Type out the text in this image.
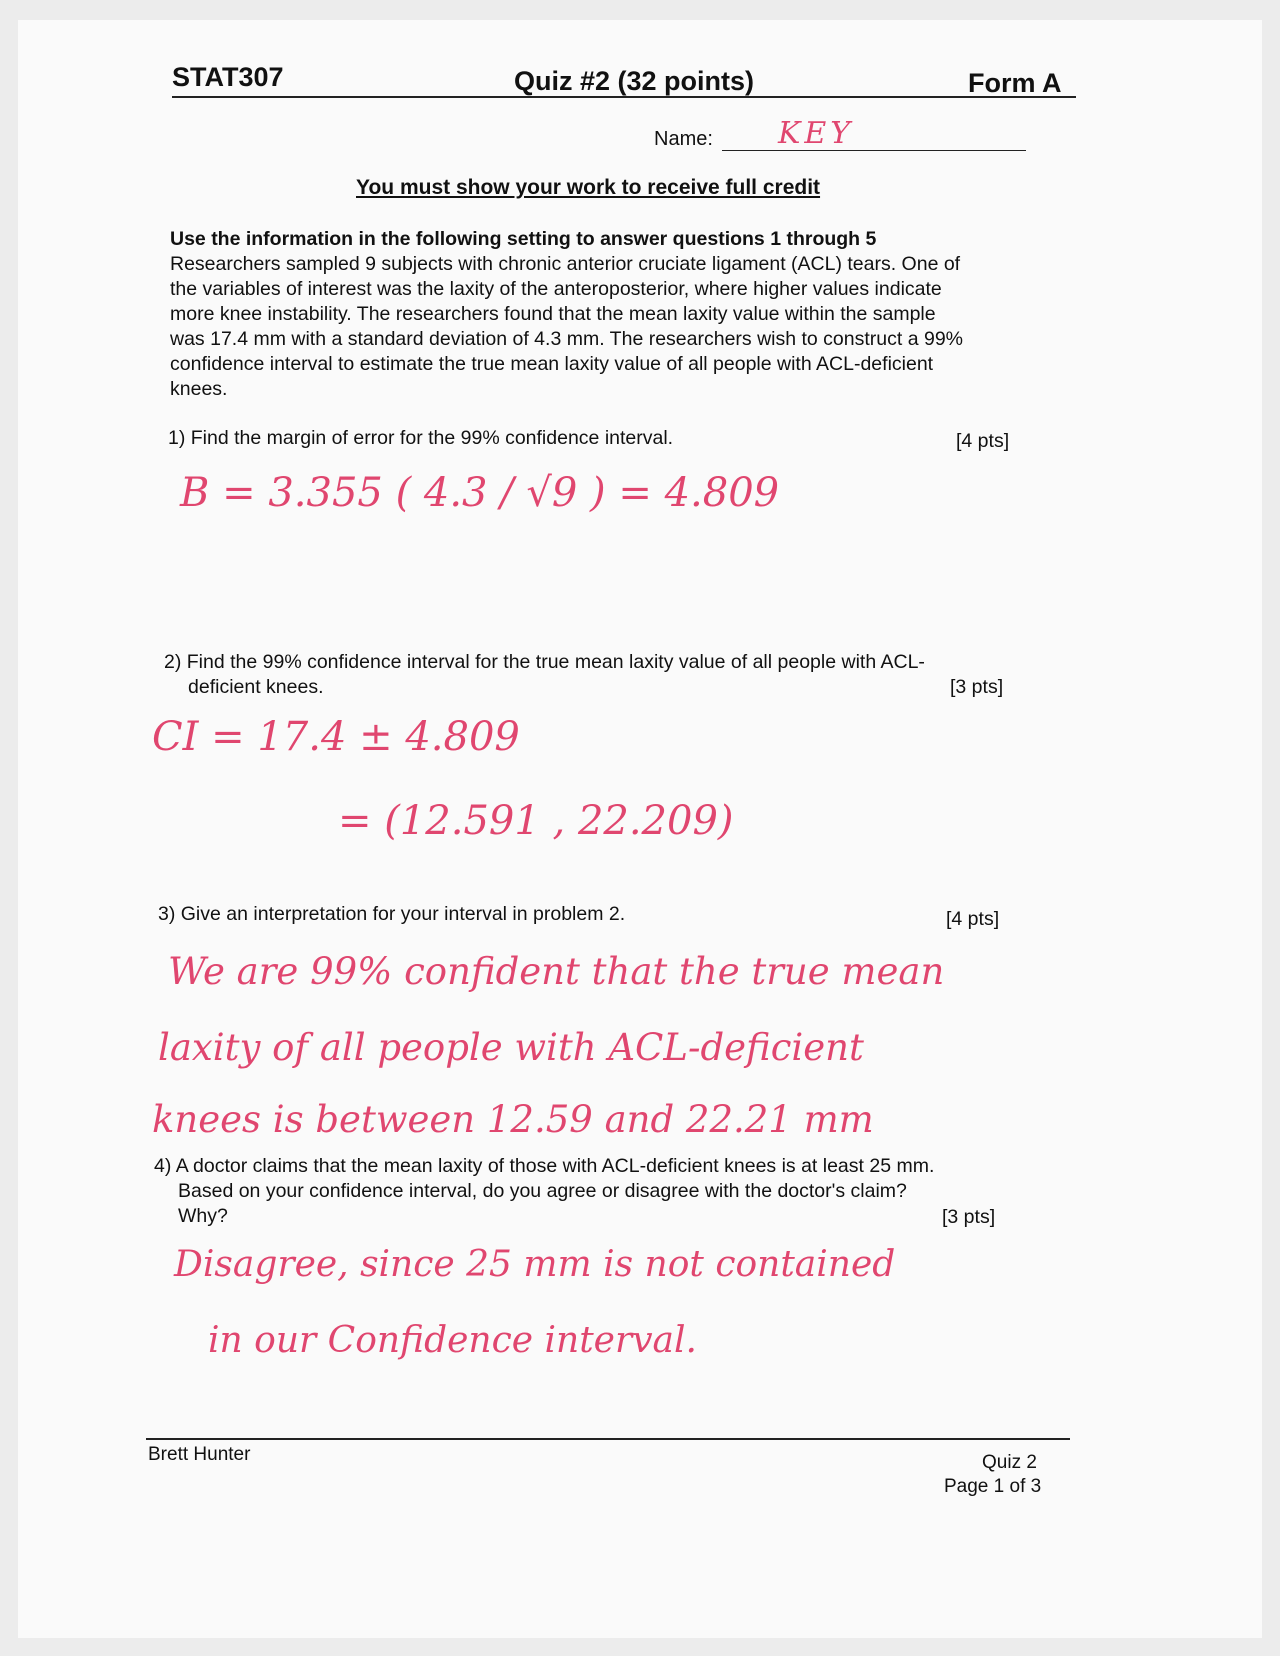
STAT307	Quiz #2 (32 points)	Form A
Name: KEY
You must show your work to receive full credit
Use the information in the following setting to answer questions 1 through 5
Researchers sampled 9 subjects with chronic anterior cruciate ligament (ACL) tears. One of
the variables of interest was the laxity of the anteroposterior, where higher values indicate
more knee instability. The researchers found that the mean laxity value within the sample
was 17.4 mm with a standard deviation of 4.3 mm. The researchers wish to construct a 99%
confidence interval to estimate the true mean laxity value of all people with ACL-deficient
knees.
1) Find the margin of error for the 99% confidence interval.	[4 pts]
B = 3.355 ( 4.3 / √9 ) = 4.809
2) Find the 99% confidence interval for the true mean laxity value of all people with ACL-
deficient knees.	[3 pts]
CI = 17.4 ± 4.809
= (12.591 , 22.209)
3) Give an interpretation for your interval in problem 2.	[4 pts]
We are 99% confident that the true mean
laxity of all people with ACL-deficient
knees is between 12.59 and 22.21 mm
4) A doctor claims that the mean laxity of those with ACL-deficient knees is at least 25 mm.
Based on your confidence interval, do you agree or disagree with the doctor's claim?
Why?	[3 pts]
Disagree, since 25 mm is not contained
in our Confidence interval.
Brett Hunter	Quiz 2
Page 1 of 3
